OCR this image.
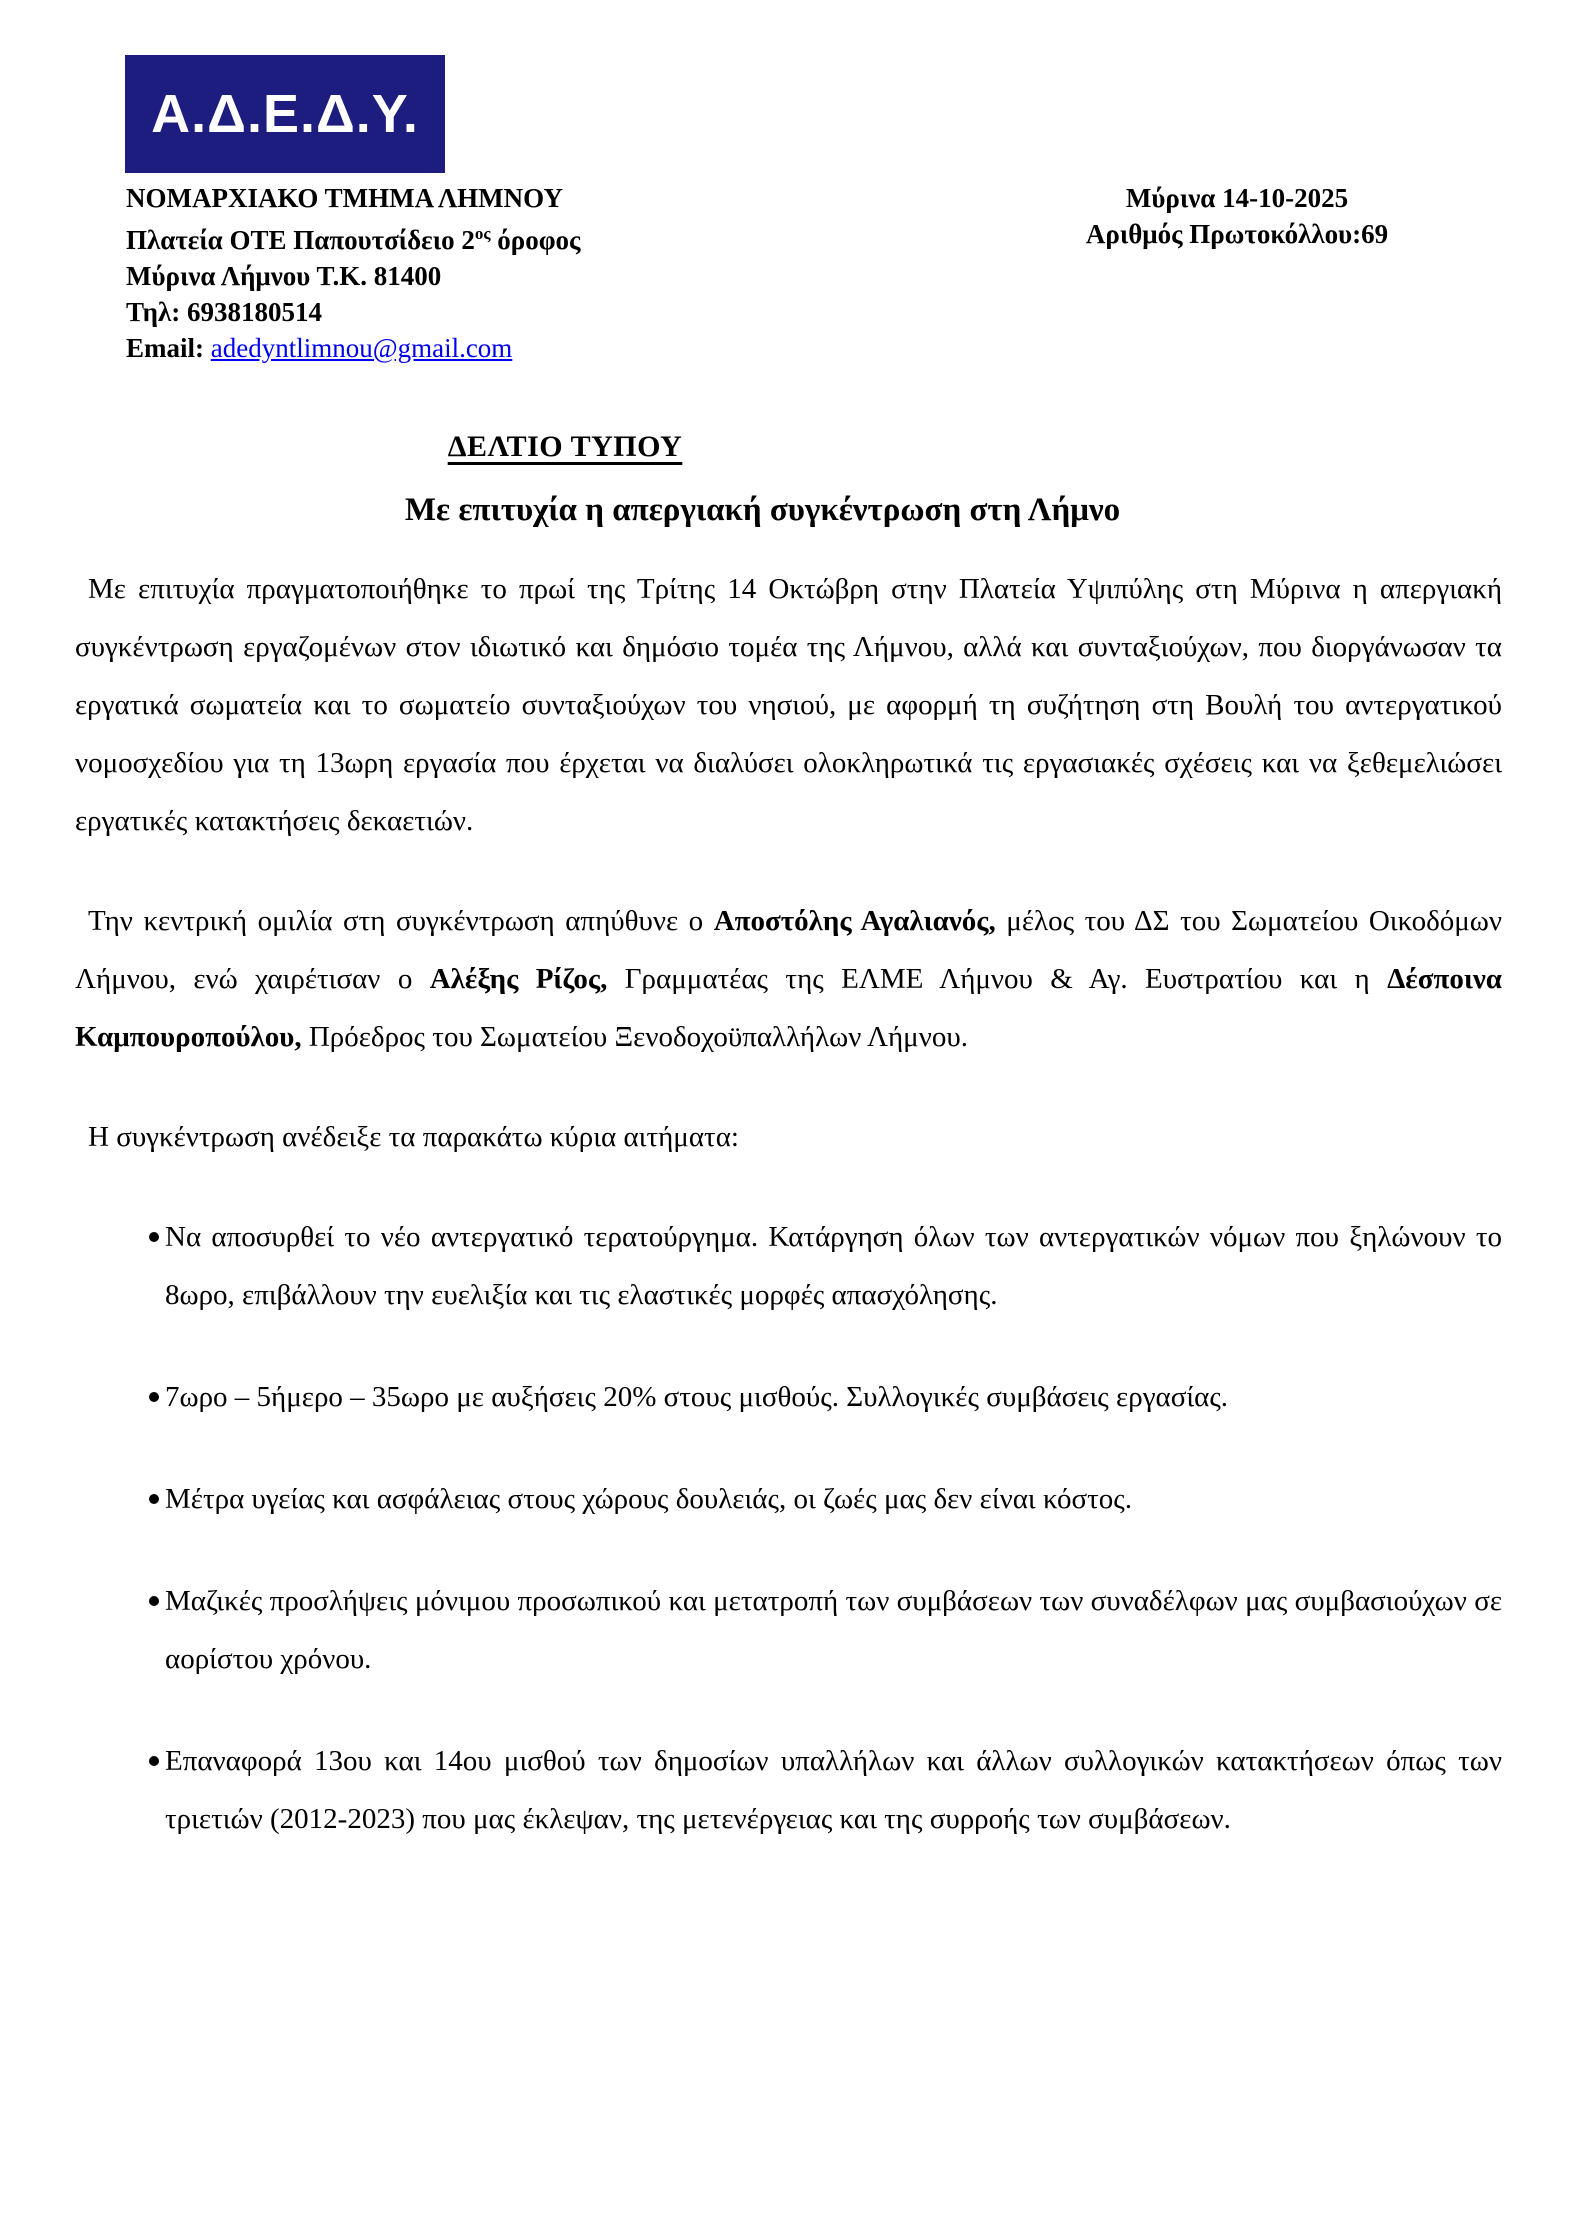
Α.Δ.Ε.Δ.Υ.
ΝΟΜΑΡΧΙΑΚΟ ΤΜΗΜΑ ΛΗΜΝΟΥ
Πλατεία ΟΤΕ Παπουτσίδειο $2^{o\varsigma}$ όροφος
Μύρινα Λήμνου Τ.Κ. 81400
Τηλ: 6938180514
Email: adedyntlimnou@gmail.com
Μύρινα 14-10-2025
Αριθμός Πρωτοκόλλου:69
ΔΕΛΤΙΟ ΤΥΠΟΥ
Με επιτυχία η απεργιακή συγκέντρωση στη Λήμνο

Με επιτυχία πραγματοποιήθηκε το πρωί της Τρίτης 14 Οκτώβρη στην Πλατεία Υψιπύλης στη Μύρινα η απεργιακή συγκέντρωση εργαζομένων στον ιδιωτικό και δημόσιο τομέα της Λήμνου, αλλά και συνταξιούχων, που διοργάνωσαν τα εργατικά σωματεία και το σωματείο συνταξιούχων του νησιού, με αφορμή τη συζήτηση στη Βουλή του αντεργατικού νομοσχεδίου για τη 13ωρη εργασία που έρχεται να διαλύσει ολοκληρωτικά τις εργασιακές σχέσεις και να ξεθεμελιώσει εργατικές κατακτήσεις δεκαετιών.

Την κεντρική ομιλία στη συγκέντρωση απηύθυνε ο Αποστόλης Αγαλιανός, μέλος του ΔΣ του Σωματείου Οικοδόμων Λήμνου, ενώ χαιρέτισαν ο Αλέξης Ρίζος, Γραμματέας της ΕΛΜΕ Λήμνου & Αγ. Ευστρατίου και η Δέσποινα Καμπουροπούλου, Πρόεδρος του Σωματείου Ξενοδοχοϋπαλλήλων Λήμνου.

Η συγκέντρωση ανέδειξε τα παρακάτω κύρια αιτήματα:

Να αποσυρθεί το νέο αντεργατικό τερατούργημα. Κατάργηση όλων των αντεργατικών νόμων που ξηλώνουν το 8ωρο, επιβάλλουν την ευελιξία και τις ελαστικές μορφές απασχόλησης.
7ωρο – 5ήμερο – 35ωρο με αυξήσεις 20% στους μισθούς. Συλλογικές συμβάσεις εργασίας.
Μέτρα υγείας και ασφάλειας στους χώρους δουλειάς, οι ζωές μας δεν είναι κόστος.
Μαζικές προσλήψεις μόνιμου προσωπικού και μετατροπή των συμβάσεων των συναδέλφων μας συμβασιούχων σε αορίστου χρόνου.
Επαναφορά 13ου και 14ου μισθού των δημοσίων υπαλλήλων και άλλων συλλογικών κατακτήσεων όπως των τριετιών (2012-2023) που μας έκλεψαν, της μετενέργειας και της συρροής των συμβάσεων.
